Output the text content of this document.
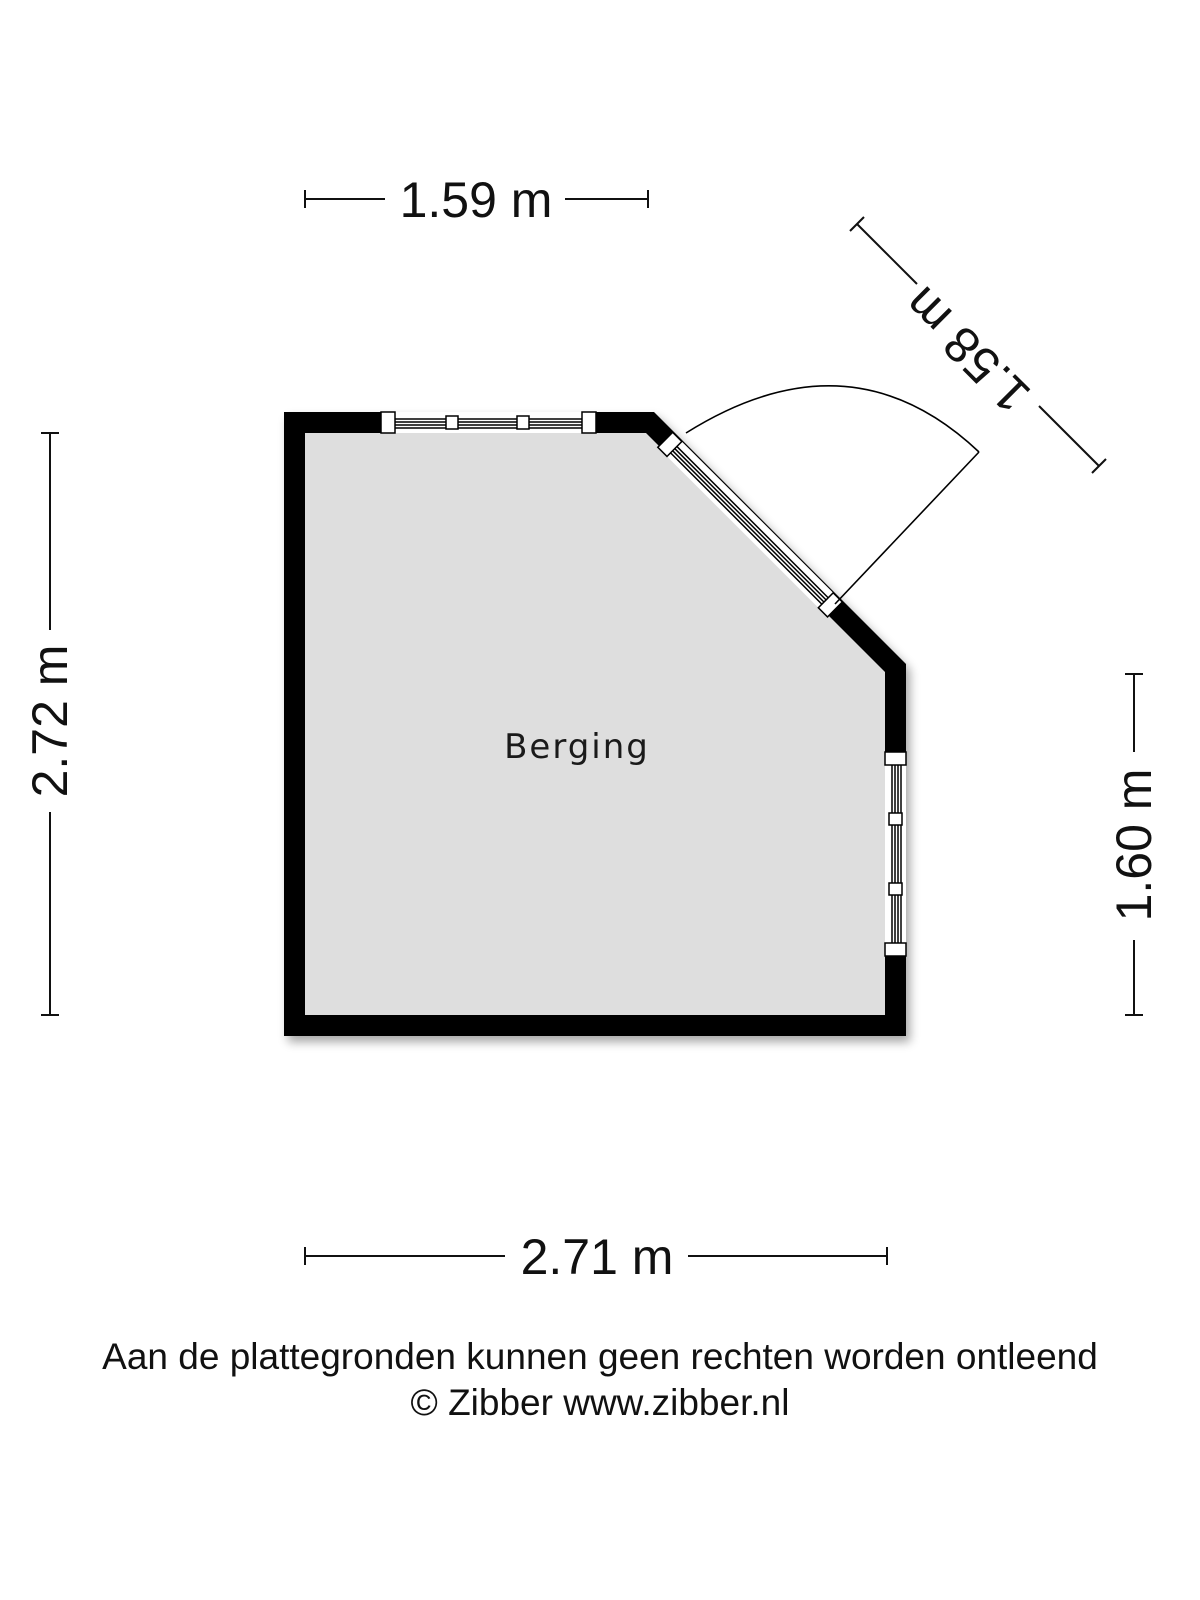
Berging
1.59 m
1.58 m
2.72 m
1.60 m
2.71 m
Aan de plattegronden kunnen geen rechten worden ontleend
© Zibber www.zibber.nl
